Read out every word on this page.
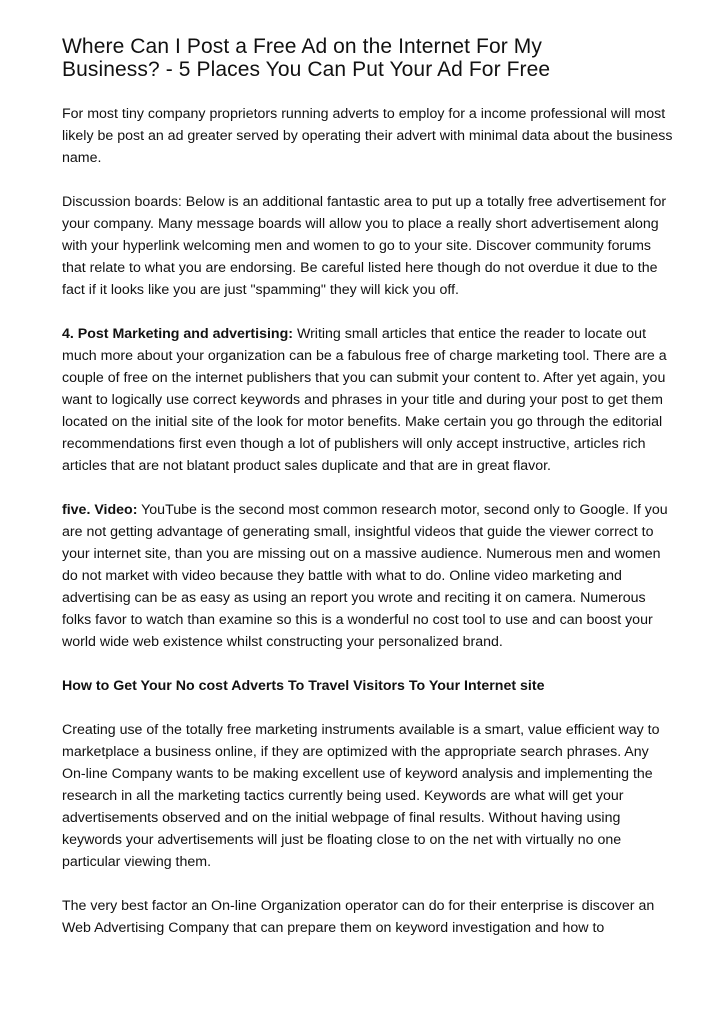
Where Can I Post a Free Ad on the Internet For My
Business? - 5 Places You Can Put Your Ad For Free

For most tiny company proprietors running adverts to employ for a income professional will most likely be post an ad greater served by operating their advert with minimal data about the business name.

Discussion boards: Below is an additional fantastic area to put up a totally free advertisement for your company. Many message boards will allow you to place a really short advertisement along with your hyperlink welcoming men and women to go to your site. Discover community forums that relate to what you are endorsing. Be careful listed here though do not overdue it due to the fact if it looks like you are just "spamming" they will kick you off.

4. Post Marketing and advertising: Writing small articles that entice the reader to locate out much more about your organization can be a fabulous free of charge marketing tool. There are a couple of free on the internet publishers that you can submit your content to. After yet again, you want to logically use correct keywords and phrases in your title and during your post to get them located on the initial site of the look for motor benefits. Make certain you go through the editorial recommendations first even though a lot of publishers will only accept instructive, articles rich articles that are not blatant product sales duplicate and that are in great flavor.

five. Video: YouTube is the second most common research motor, second only to Google. If you are not getting advantage of generating small, insightful videos that guide the viewer correct to your internet site, than you are missing out on a massive audience. Numerous men and women do not market with video because they battle with what to do. Online video marketing and advertising can be as easy as using an report you wrote and reciting it on camera. Numerous folks favor to watch than examine so this is a wonderful no cost tool to use and can boost your world wide web existence whilst constructing your personalized brand.

How to Get Your No cost Adverts To Travel Visitors To Your Internet site

Creating use of the totally free marketing instruments available is a smart, value efficient way to marketplace a business online, if they are optimized with the appropriate search phrases. Any On-line Company wants to be making excellent use of keyword analysis and implementing the research in all the marketing tactics currently being used. Keywords are what will get your advertisements observed and on the initial webpage of final results. Without having using keywords your advertisements will just be floating close to on the net with virtually no one particular viewing them.

The very best factor an On-line Organization operator can do for their enterprise is discover an Web Advertising Company that can prepare them on keyword investigation and how to
